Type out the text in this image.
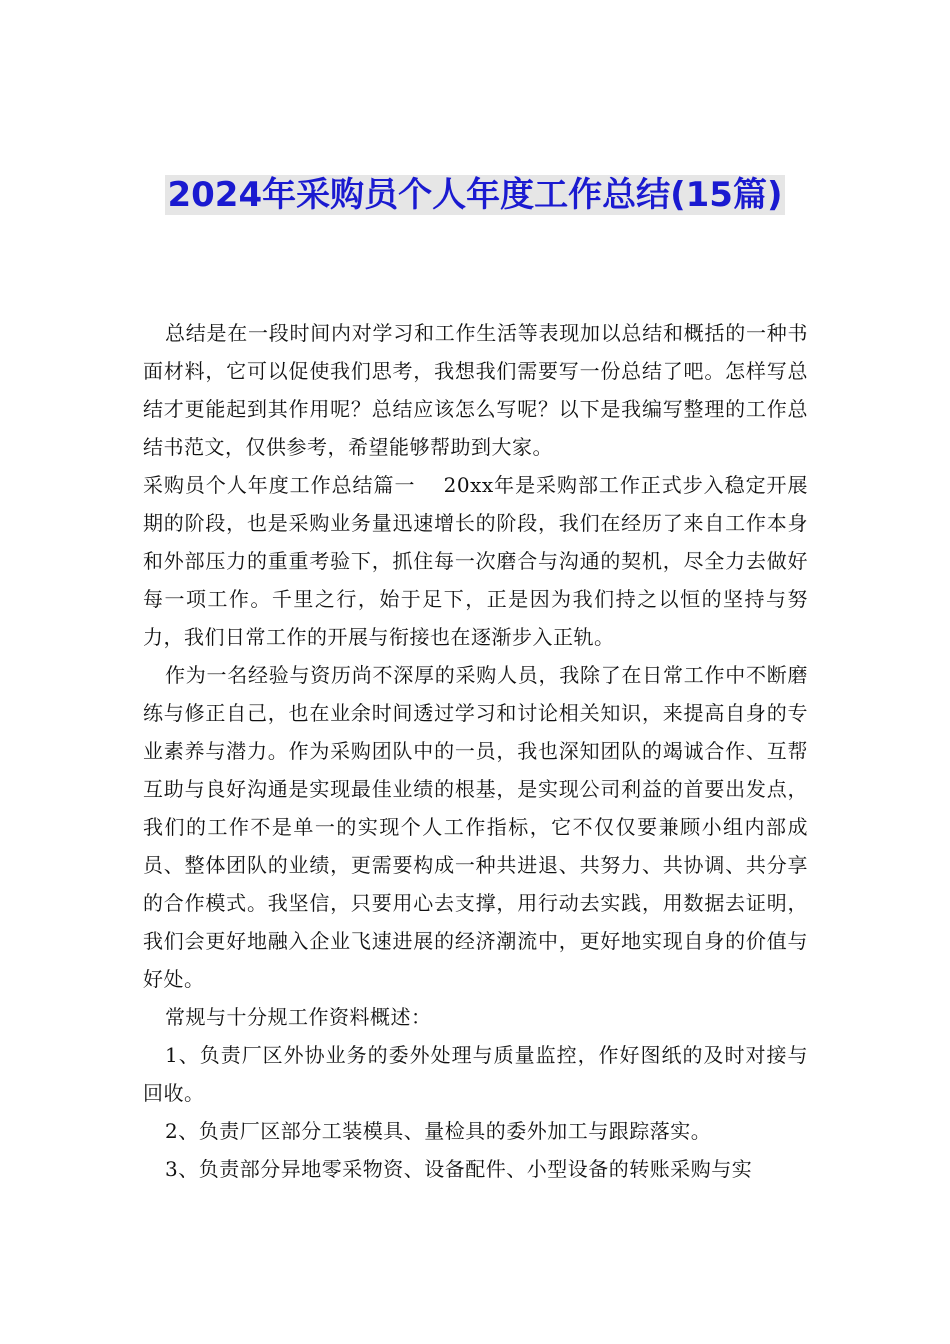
2024年采购员个人年度工作总结(15篇)

总结是在一段时间内对学习和工作生活等表现加以总结和概括的一种书面材料，它可以促使我们思考，我想我们需要写一份总结了吧。怎样写总结才更能起到其作用呢？总结应该怎么写呢？以下是我编写整理的工作总结书范文，仅供参考，希望能够帮助到大家。

采购员个人年度工作总结篇一　 20xx年是采购部工作正式步入稳定开展期的阶段，也是采购业务量迅速增长的阶段，我们在经历了来自工作本身和外部压力的重重考验下，抓住每一次磨合与沟通的契机，尽全力去做好每一项工作。千里之行，始于足下，正是因为我们持之以恒的坚持与努力，我们日常工作的开展与衔接也在逐渐步入正轨。

作为一名经验与资历尚不深厚的采购人员，我除了在日常工作中不断磨练与修正自己，也在业余时间透过学习和讨论相关知识，来提高自身的专业素养与潜力。作为采购团队中的一员，我也深知团队的竭诚合作、互帮互助与良好沟通是实现最佳业绩的根基，是实现公司利益的首要出发点，我们的工作不是单一的实现个人工作指标，它不仅仅要兼顾小组内部成员、整体团队的业绩，更需要构成一种共进退、共努力、共协调、共分享的合作模式。我坚信，只要用心去支撑，用行动去实践，用数据去证明，我们会更好地融入企业飞速进展的经济潮流中，更好地实现自身的价值与好处。

常规与十分规工作资料概述：

1、负责厂区外协业务的委外处理与质量监控，作好图纸的及时对接与回收。

2、负责厂区部分工装模具、量检具的委外加工与跟踪落实。

3、负责部分异地零采物资、设备配件、小型设备的转账采购与实
